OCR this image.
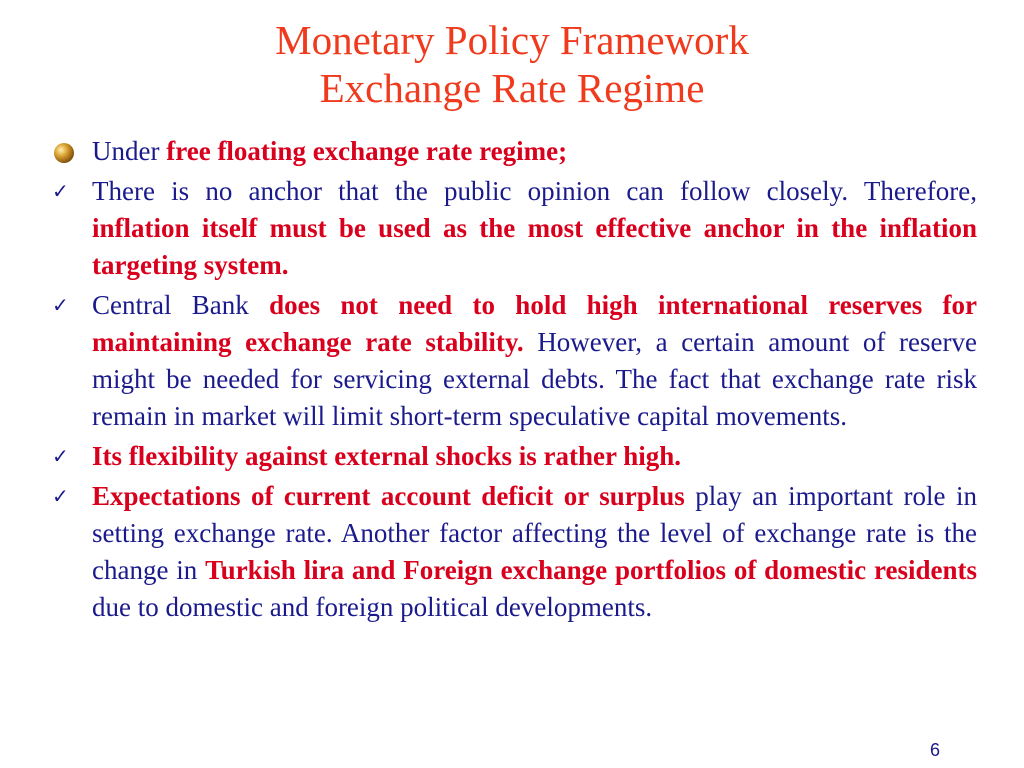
Monetary Policy Framework
Exchange Rate Regime
Under free floating exchange rate regime;
✓ There is no anchor that the public opinion can follow closely. Therefore, inflation itself must be used as the most effective anchor in the inflation targeting system.
✓ Central Bank does not need to hold high international reserves for maintaining exchange rate stability. However, a certain amount of reserve might be needed for servicing external debts. The fact that exchange rate risk remain in market will limit short-term speculative capital movements.
✓ Its flexibility against external shocks is rather high.
✓ Expectations of current account deficit or surplus play an important role in setting exchange rate. Another factor affecting the level of exchange rate is the change in Turkish lira and Foreign exchange portfolios of domestic residents due to domestic and foreign political developments.
6
